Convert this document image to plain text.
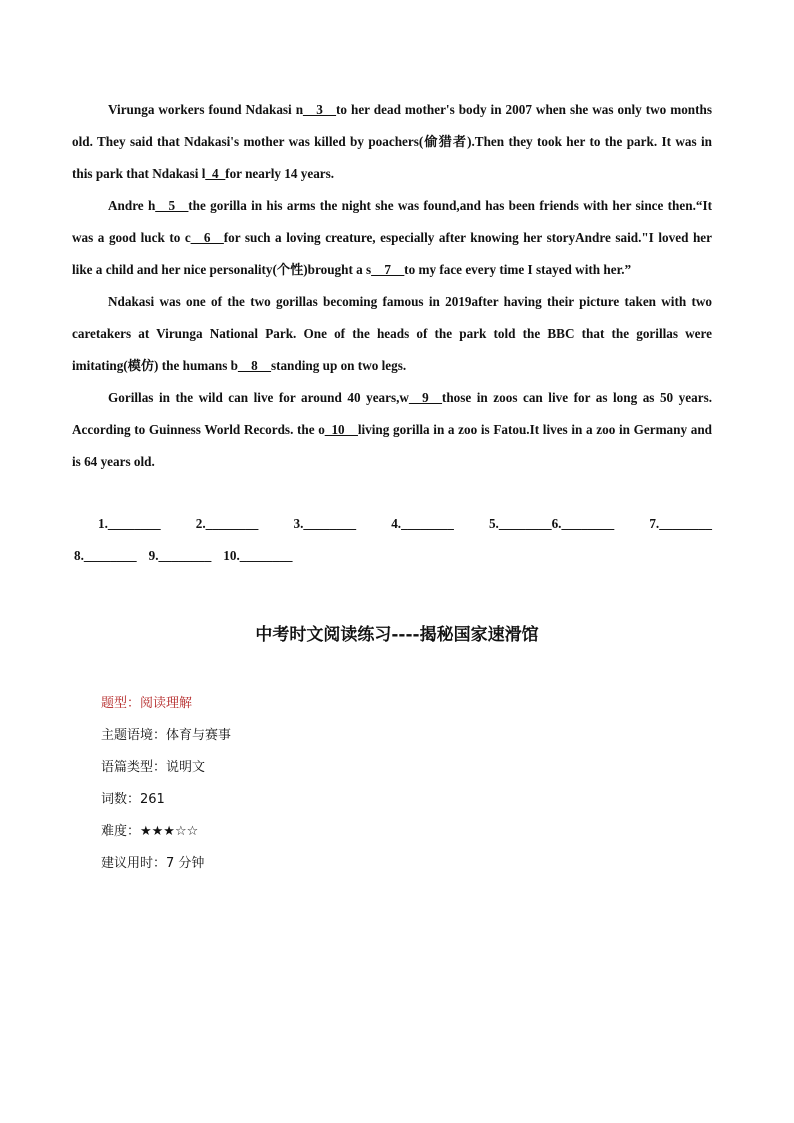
Virunga workers found Ndakasi n__3__to her dead mother's body in 2007 when she was only two months old. They said that Ndakasi's mother was killed by poachers(偷猎者).Then they took her to the park. It was in this park that Ndakasi l_4_for nearly 14 years.

Andre h__5__the gorilla in his arms the night she was found,and has been friends with her since then.“It was a good luck to c__6__for such a loving creature, especially after knowing her storyAndre said."I loved her like a child and her nice personality(个性)brought a s__7__to my face every time I stayed with her.”

Ndakasi was one of the two gorillas becoming famous in 2019after having their picture taken with two caretakers at Virunga National Park. One of the heads of the park told the BBC that the gorillas were imitating(模仿) the humans b__8__standing up on two legs.

Gorillas in the wild can live for around 40 years,w__9__those in zoos can live for as long as 50 years. According to Guinness World Records. the o_10__living gorilla in a zoo is Fatou.It lives in a zoo in Germany and is 64 years old.

1.________	2.________	3.________	4.________	5.________6.________	7.________
8.________ 9.________ 10.________
中考时文阅读练习----揭秘国家速滑馆
题型：阅读理解
主题语境：体育与赛事
语篇类型：说明文
词数：261
难度：★★★☆☆
建议用时：7 分钟
